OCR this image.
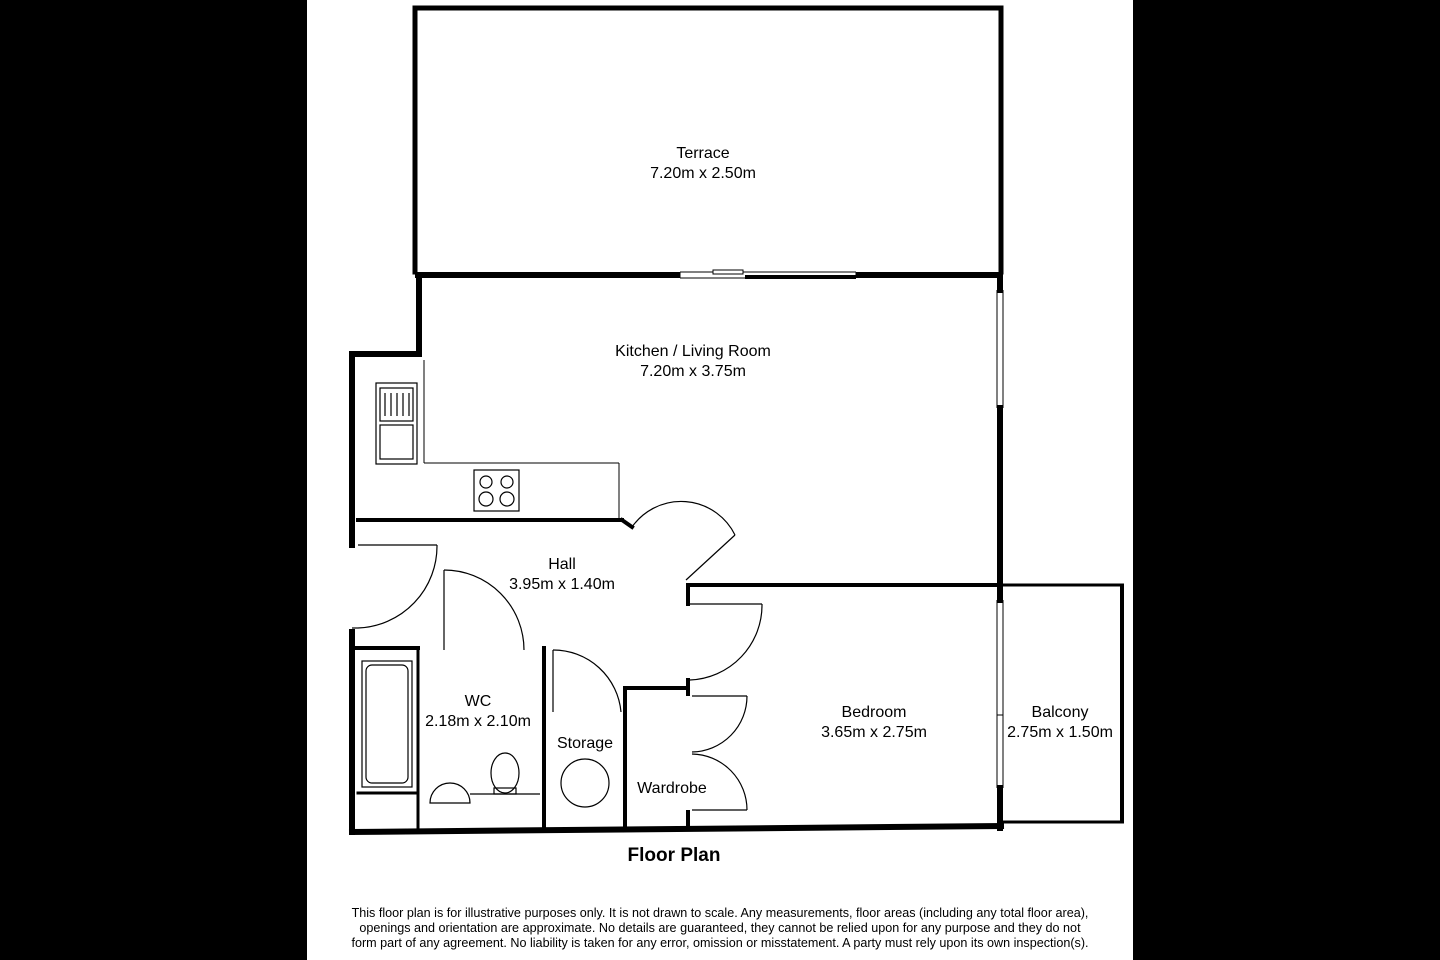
Terrace
7.20m x 2.50m
Kitchen / Living Room
7.20m x 3.75m
Hall
3.95m x 1.40m
WC
2.18m x 2.10m
Storage
Wardrobe
Bedroom
3.65m x 2.75m
Balcony
2.75m x 1.50m
Floor Plan
This floor plan is for illustrative purposes only. It is not drawn to scale. Any measurements, floor areas (including any total floor area),
openings and orientation are approximate. No details are guaranteed, they cannot be relied upon for any purpose and they do not
form part of any agreement. No liability is taken for any error, omission or misstatement. A party must rely upon its own inspection(s).
